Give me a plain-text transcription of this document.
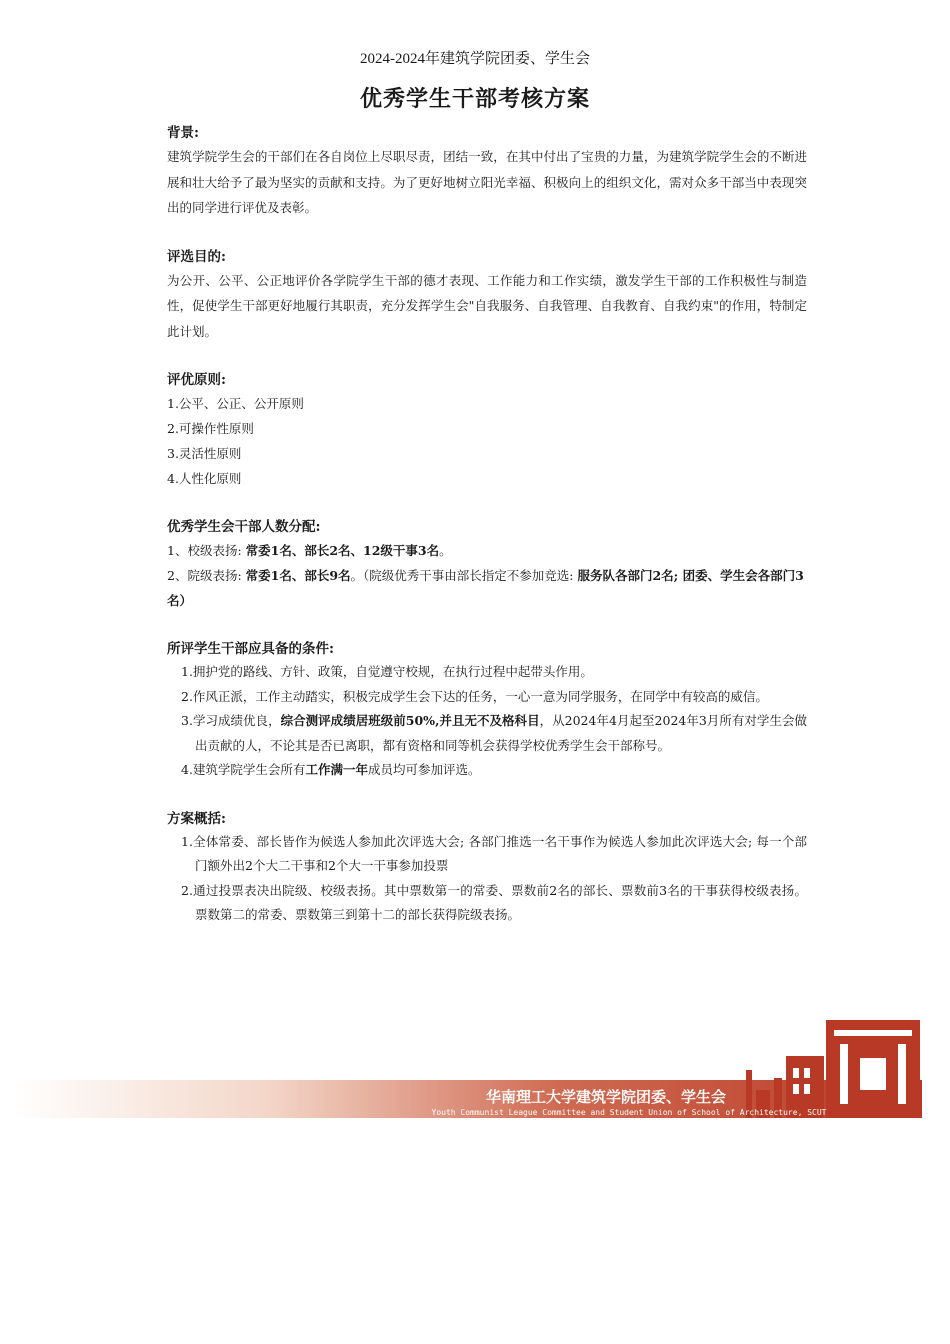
2024-2024年建筑学院团委、学生会
优秀学生干部考核方案

背景:

建筑学院学生会的干部们在各自岗位上尽职尽责，团结一致，在其中付出了宝贵的力量，为建筑学院学生会的不断进展和壮大给予了最为坚实的贡献和支持。为了更好地树立阳光幸福、积极向上的组织文化，需对众多干部当中表现突出的同学进行评优及表彰。

评选目的:

为公开、公平、公正地评价各学院学生干部的德才表现、工作能力和工作实绩，激发学生干部的工作积极性与制造性，促使学生干部更好地履行其职责，充分发挥学生会"自我服务、自我管理、自我教育、自我约束"的作用，特制定此计划。

评优原则:

1.公平、公正、公开原则

2.可操作性原则

3.灵活性原则

4.人性化原则

优秀学生会干部人数分配:

1、校级表扬: 常委1名、部长2名、12级干事3名。

2、院级表扬: 常委1名、部长9名。（院级优秀干事由部长指定不参加竞选: 服务队各部门2名; 团委、学生会各部门3名）

所评学生干部应具备的条件:

1.拥护党的路线、方针、政策，自觉遵守校规，在执行过程中起带头作用。

2.作风正派，工作主动踏实，积极完成学生会下达的任务，一心一意为同学服务，在同学中有较高的威信。

3.学习成绩优良，综合测评成绩居班级前50%,并且无不及格科目，从2024年4月起至2024年3月所有对学生会做出贡献的人，不论其是否已离职，都有资格和同等机会获得学校优秀学生会干部称号。

4.建筑学院学生会所有工作满一年成员均可参加评选。

方案概括:

1.全体常委、部长皆作为候选人参加此次评选大会; 各部门推选一名干事作为候选人参加此次评选大会; 每一个部门额外出2个大二干事和2个大一干事参加投票

2.通过投票表决出院级、校级表扬。其中票数第一的常委、票数前2名的部长、票数前3名的干事获得校级表扬。票数第二的常委、票数第三到第十二的部长获得院级表扬。

华南理工大学建筑学院团委、学生会
Youth Communist League Committee and Student Union of School of Architecture, SCUT
